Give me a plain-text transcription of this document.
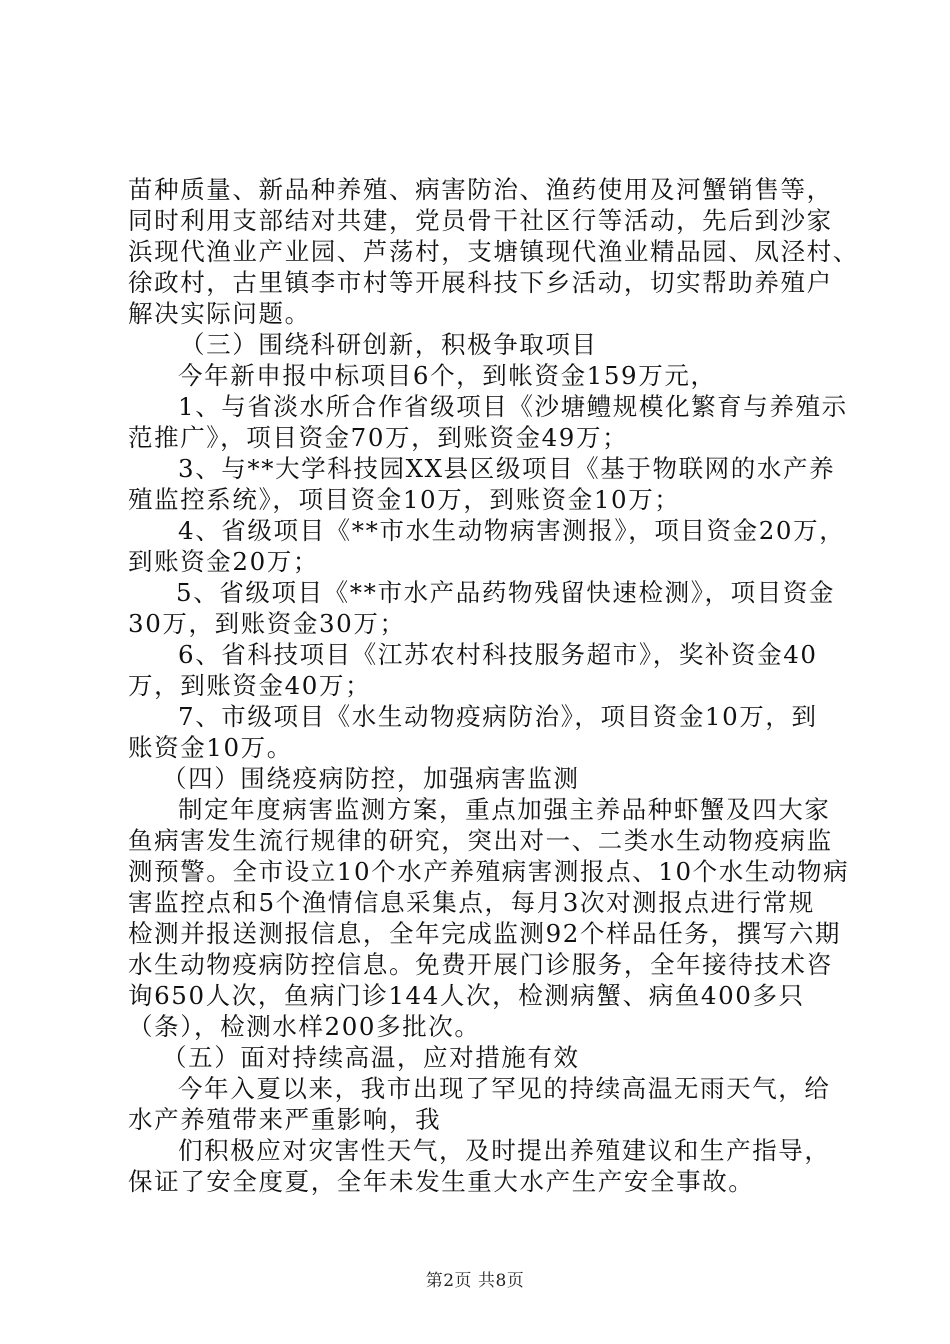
苗种质量、新品种养殖、病害防治、渔药使用及河蟹销售等，
同时利用支部结对共建，党员骨干社区行等活动，先后到沙家
浜现代渔业产业园、芦荡村，支塘镇现代渔业精品园、凤泾村、
徐政村，古里镇李市村等开展科技下乡活动，切实帮助养殖户
解决实际问题。
（三）围绕科研创新，积极争取项目
今年新申报中标项目6个，到帐资金159万元，
1、与省淡水所合作省级项目《沙塘鳢规模化繁育与养殖示
范推广》，项目资金70万，到账资金49万；
3、与**大学科技园XX县区级项目《基于物联网的水产养
殖监控系统》，项目资金10万，到账资金10万；
4、省级项目《**市水生动物病害测报》，项目资金20万，
到账资金20万；
5、省级项目《**市水产品药物残留快速检测》，项目资金
30万，到账资金30万；
6、省科技项目《江苏农村科技服务超市》，奖补资金40
万，到账资金40万；
7、市级项目《水生动物疫病防治》，项目资金10万，到
账资金10万。
（四）围绕疫病防控，加强病害监测
制定年度病害监测方案，重点加强主养品种虾蟹及四大家
鱼病害发生流行规律的研究，突出对一、二类水生动物疫病监
测预警。全市设立10个水产养殖病害测报点、10个水生动物病
害监控点和5个渔情信息采集点，每月3次对测报点进行常规
检测并报送测报信息，全年完成监测92个样品任务，撰写六期
水生动物疫病防控信息。免费开展门诊服务，全年接待技术咨
询650人次，鱼病门诊144人次，检测病蟹、病鱼400多只
（条），检测水样200多批次。
（五）面对持续高温，应对措施有效
今年入夏以来，我市出现了罕见的持续高温无雨天气，给
水产养殖带来严重影响，我
们积极应对灾害性天气，及时提出养殖建议和生产指导，
保证了安全度夏，全年未发生重大水产生产安全事故。
第2页 共8页
